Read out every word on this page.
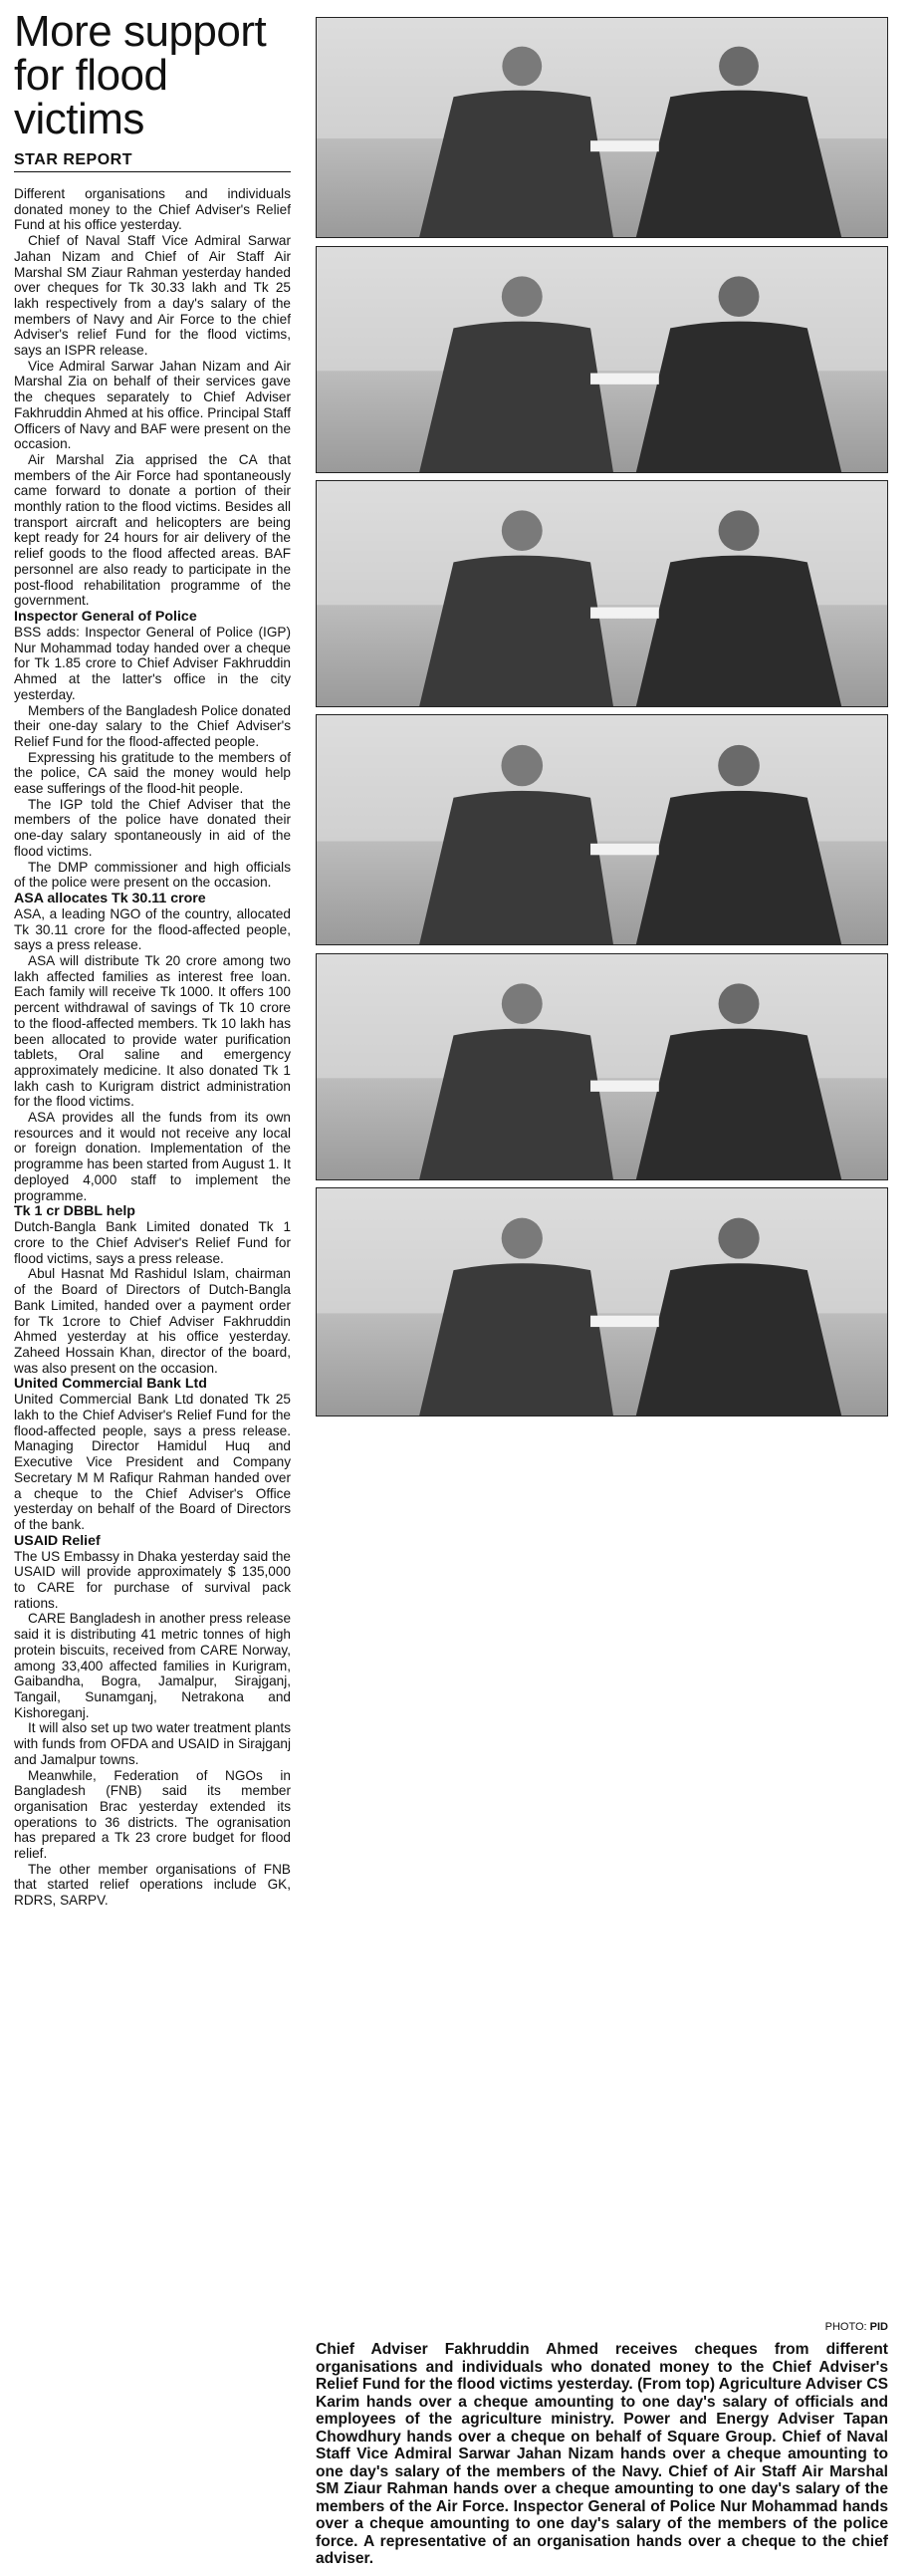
More support
for flood
victims
STAR REPORT

Different organisations and individuals donated money to the Chief Adviser's Relief Fund at his office yesterday.

Chief of Naval Staff Vice Admiral Sarwar Jahan Nizam and Chief of Air Staff Air Marshal SM Ziaur Rahman yesterday handed over cheques for Tk 30.33 lakh and Tk 25 lakh respectively from a day's salary of the members of Navy and Air Force to the chief Adviser's relief Fund for the flood victims, says an ISPR release.

Vice Admiral Sarwar Jahan Nizam and Air Marshal Zia on behalf of their services gave the cheques separately to Chief Adviser Fakhruddin Ahmed at his office. Principal Staff Officers of Navy and BAF were present on the occasion.

Air Marshal Zia apprised the CA that members of the Air Force had spontaneously came forward to donate a portion of their monthly ration to the flood victims. Besides all transport aircraft and helicopters are being kept ready for 24 hours for air delivery of the relief goods to the flood affected areas. BAF personnel are also ready to participate in the post-flood rehabilitation programme of the government.

Inspector General of Police

BSS adds: Inspector General of Police (IGP) Nur Mohammad today handed over a cheque for Tk 1.85 crore to Chief Adviser Fakhruddin Ahmed at the latter's office in the city yesterday.

Members of the Bangladesh Police donated their one-day salary to the Chief Adviser's Relief Fund for the flood-affected people.

Expressing his gratitude to the members of the police, CA said the money would help ease sufferings of the flood-hit people.

The IGP told the Chief Adviser that the members of the police have donated their one-day salary spontaneously in aid of the flood victims.

The DMP commissioner and high officials of the police were present on the occasion.

ASA allocates Tk 30.11 crore

ASA, a leading NGO of the country, allocated Tk 30.11 crore for the flood-affected people, says a press release.

ASA will distribute Tk 20 crore among two lakh affected families as interest free loan. Each family will receive Tk 1000. It offers 100 percent withdrawal of savings of Tk 10 crore to the flood-affected members. Tk 10 lakh has been allocated to provide water purification tablets, Oral saline and emergency approximately medicine. It also donated Tk 1 lakh cash to Kurigram district administration for the flood victims.

ASA provides all the funds from its own resources and it would not receive any local or foreign donation. Implementation of the programme has been started from August 1. It deployed 4,000 staff to implement the programme.

Tk 1 cr DBBL help

Dutch-Bangla Bank Limited donated Tk 1 crore to the Chief Adviser's Relief Fund for flood victims, says a press release.

Abul Hasnat Md Rashidul Islam, chairman of the Board of Directors of Dutch-Bangla Bank Limited, handed over a payment order for Tk 1crore to Chief Adviser Fakhruddin Ahmed yesterday at his office yesterday. Zaheed Hossain Khan, director of the board, was also present on the occasion.

United Commercial Bank Ltd

United Commercial Bank Ltd donated Tk 25 lakh to the Chief Adviser's Relief Fund for the flood-affected people, says a press release. Managing Director Hamidul Huq and Executive Vice President and Company Secretary M M Rafiqur Rahman handed over a cheque to the Chief Adviser's Office yesterday on behalf of the Board of Directors of the bank.

USAID Relief

The US Embassy in Dhaka yesterday said the USAID will provide approximately $ 135,000 to CARE for purchase of survival pack rations.

CARE Bangladesh in another press release said it is distributing 41 metric tonnes of high protein biscuits, received from CARE Norway, among 33,400 affected families in Kurigram, Gaibandha, Bogra, Jamalpur, Sirajganj, Tangail, Sunamganj, Netrakona and Kishoreganj.

It will also set up two water treatment plants with funds from OFDA and USAID in Sirajganj and Jamalpur towns.

Meanwhile, Federation of NGOs in Bangladesh (FNB) said its member organisation Brac yesterday extended its operations to 36 districts. The ogranisation has prepared a Tk 23 crore budget for flood relief.

The other member organisations of FNB that started relief operations include GK, RDRS, SARPV.

PHOTO: PID
Chief Adviser Fakhruddin Ahmed receives cheques from different organisations and individuals who donated money to the Chief Adviser's Relief Fund for the flood victims yesterday. (From top) Agriculture Adviser CS Karim hands over a cheque amounting to one day's salary of officials and employees of the agriculture ministry. Power and Energy Adviser Tapan Chowdhury hands over a cheque on behalf of Square Group. Chief of Naval Staff Vice Admiral Sarwar Jahan Nizam hands over a cheque amounting to one day's salary of the members of the Navy. Chief of Air Staff Air Marshal SM Ziaur Rahman hands over a cheque amounting to one day's salary of the members of the Air Force. Inspector General of Police Nur Mohammad hands over a cheque amounting to one day's salary of the members of the police force. A representative of an organisation hands over a cheque to the chief adviser.
